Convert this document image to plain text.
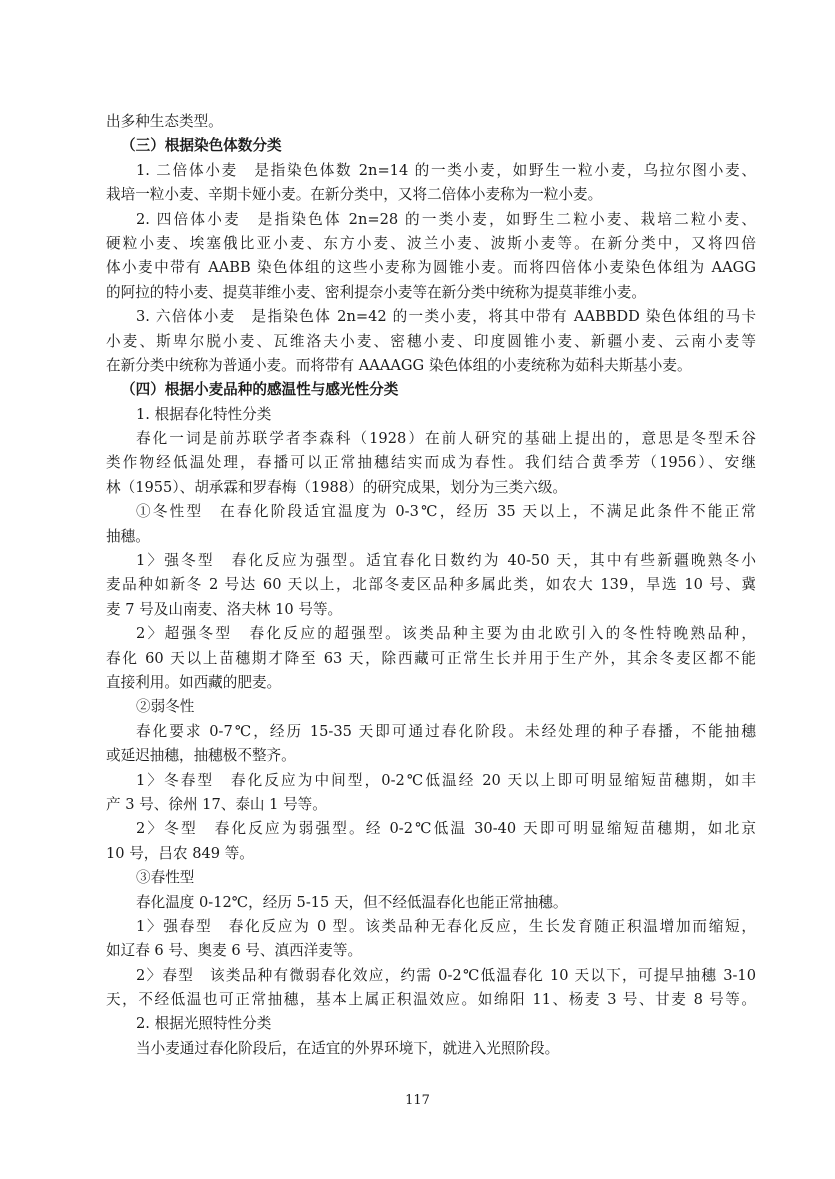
出多种生态类型。
（三）根据染色体数分类
1. 二倍体小麦　是指染色体数 2n=14 的一类小麦，如野生一粒小麦，乌拉尔图小麦、
栽培一粒小麦、辛期卡娅小麦。在新分类中，又将二倍体小麦称为一粒小麦。
2. 四倍体小麦　是指染色体 2n=28 的一类小麦，如野生二粒小麦、栽培二粒小麦、
硬粒小麦、埃塞俄比亚小麦、东方小麦、波兰小麦、波斯小麦等。在新分类中，又将四倍
体小麦中带有 AABB 染色体组的这些小麦称为圆锥小麦。而将四倍体小麦染色体组为 AAGG
的阿拉的特小麦、提莫菲维小麦、密利提奈小麦等在新分类中统称为提莫菲维小麦。
3. 六倍体小麦　是指染色体 2n=42 的一类小麦，将其中带有 AABBDD 染色体组的马卡
小麦、斯卑尔脱小麦、瓦维洛夫小麦、密穗小麦、印度圆锥小麦、新疆小麦、云南小麦等
在新分类中统称为普通小麦。而将带有 AAAAGG 染色体组的小麦统称为茹科夫斯基小麦。
（四）根据小麦品种的感温性与感光性分类
1. 根据春化特性分类
春化一词是前苏联学者李森科（1928）在前人研究的基础上提出的，意思是冬型禾谷
类作物经低温处理，春播可以正常抽穗结实而成为春性。我们结合黄季芳（1956）、安继
林（1955）、胡承霖和罗春梅（1988）的研究成果，划分为三类六级。
①冬性型　在春化阶段适宜温度为 0-3℃，经历 35 天以上，不满足此条件不能正常
抽穗。
1〉强冬型　春化反应为强型。适宜春化日数约为 40-50 天，其中有些新疆晚熟冬小
麦品种如新冬 2 号达 60 天以上，北部冬麦区品种多属此类，如农大 139，旱选 10 号、冀
麦 7 号及山南麦、洛夫林 10 号等。
2〉超强冬型　春化反应的超强型。该类品种主要为由北欧引入的冬性特晚熟品种，
春化 60 天以上苗穗期才降至 63 天，除西藏可正常生长并用于生产外，其余冬麦区都不能
直接利用。如西藏的肥麦。
②弱冬性
春化要求 0-7℃，经历 15-35 天即可通过春化阶段。未经处理的种子春播，不能抽穗
或延迟抽穗，抽穗极不整齐。
1〉冬春型　春化反应为中间型，0-2℃低温经 20 天以上即可明显缩短苗穗期，如丰
产 3 号、徐州 17、泰山 1 号等。
2〉冬型　春化反应为弱强型。经 0-2℃低温 30-40 天即可明显缩短苗穗期，如北京
10 号，吕农 849 等。
③春性型
春化温度 0-12℃，经历 5-15 天，但不经低温春化也能正常抽穗。
1〉强春型　春化反应为 0 型。该类品种无春化反应，生长发育随正积温增加而缩短，
如辽春 6 号、奥麦 6 号、滇西洋麦等。
2〉春型　该类品种有微弱春化效应，约需 0-2℃低温春化 10 天以下，可提早抽穗 3-10
天，不经低温也可正常抽穗，基本上属正积温效应。如绵阳 11、杨麦 3 号、甘麦 8 号等。
2. 根据光照特性分类
当小麦通过春化阶段后，在适宜的外界环境下，就进入光照阶段。
117
